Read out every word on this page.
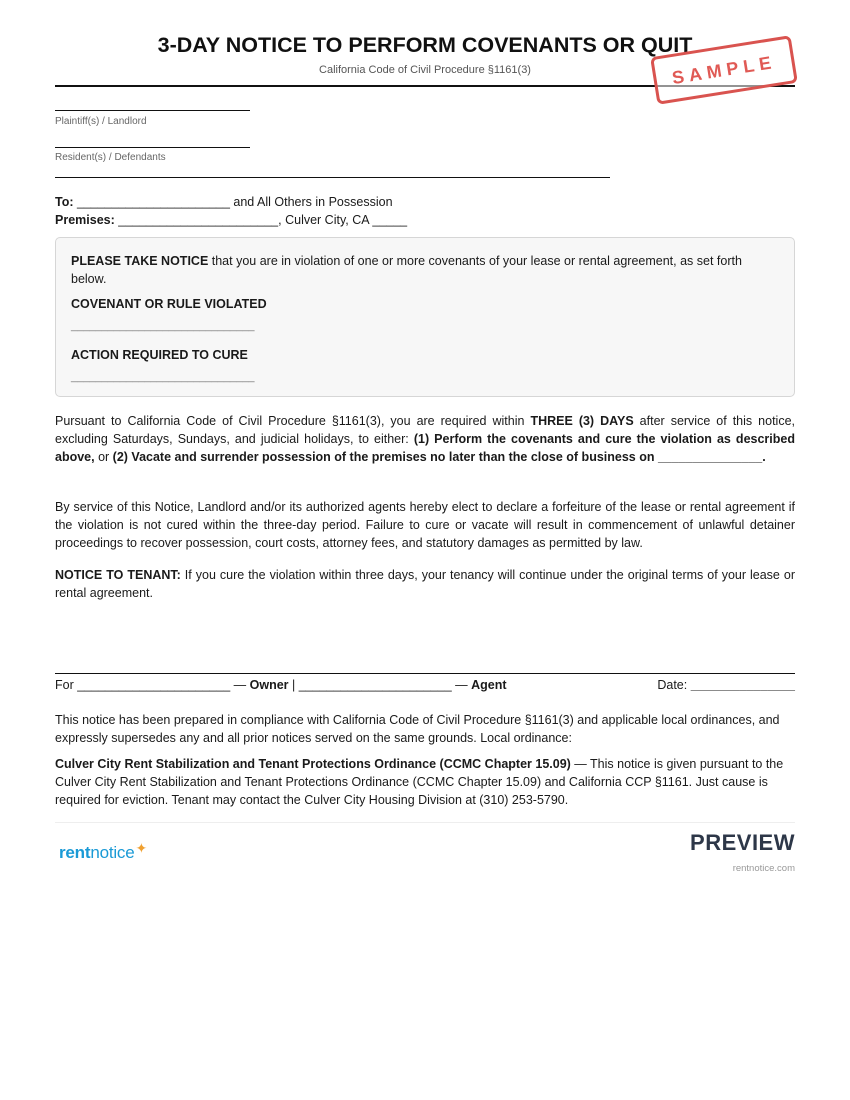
3-DAY NOTICE TO PERFORM COVENANTS OR QUIT
California Code of Civil Procedure §1161(3)	SAMPLE
Plaintiff(s) / Landlord
Resident(s) / Defendants
To: ______________________ and All Others in Possession
Premises: _______________________, Culver City, CA _____
PLEASE TAKE NOTICE that you are in violation of one or more covenants of your lease or rental agreement, as set forth below.
COVENANT OR RULE VIOLATED
______________________________
ACTION REQUIRED TO CURE
______________________________
Pursuant to California Code of Civil Procedure §1161(3), you are required within THREE (3) DAYS after service of this notice, excluding Saturdays, Sundays, and judicial holidays, to either: (1) Perform the covenants and cure the violation as described above, or (2) Vacate and surrender possession of the premises no later than the close of business on _______________.
By service of this Notice, Landlord and/or its authorized agents hereby elect to declare a forfeiture of the lease or rental agreement if the violation is not cured within the three-day period. Failure to cure or vacate will result in commencement of unlawful detainer proceedings to recover possession, court costs, attorney fees, and statutory damages as permitted by law.
NOTICE TO TENANT: If you cure the violation within three days, your tenancy will continue under the original terms of your lease or rental agreement.
For ______________________ — Owner | ______________________ — Agent	Date: _______________
This notice has been prepared in compliance with California Code of Civil Procedure §1161(3) and applicable local ordinances, and expressly supersedes any and all prior notices served on the same grounds. Local ordinance:
Culver City Rent Stabilization and Tenant Protections Ordinance (CCMC Chapter 15.09) — This notice is given pursuant to the Culver City Rent Stabilization and Tenant Protections Ordinance (CCMC Chapter 15.09) and California CCP §1161. Just cause is required for eviction. Tenant may contact the Culver City Housing Division at (310) 253-5790.
rentnotice✦	PREVIEW
rentnotice.com
